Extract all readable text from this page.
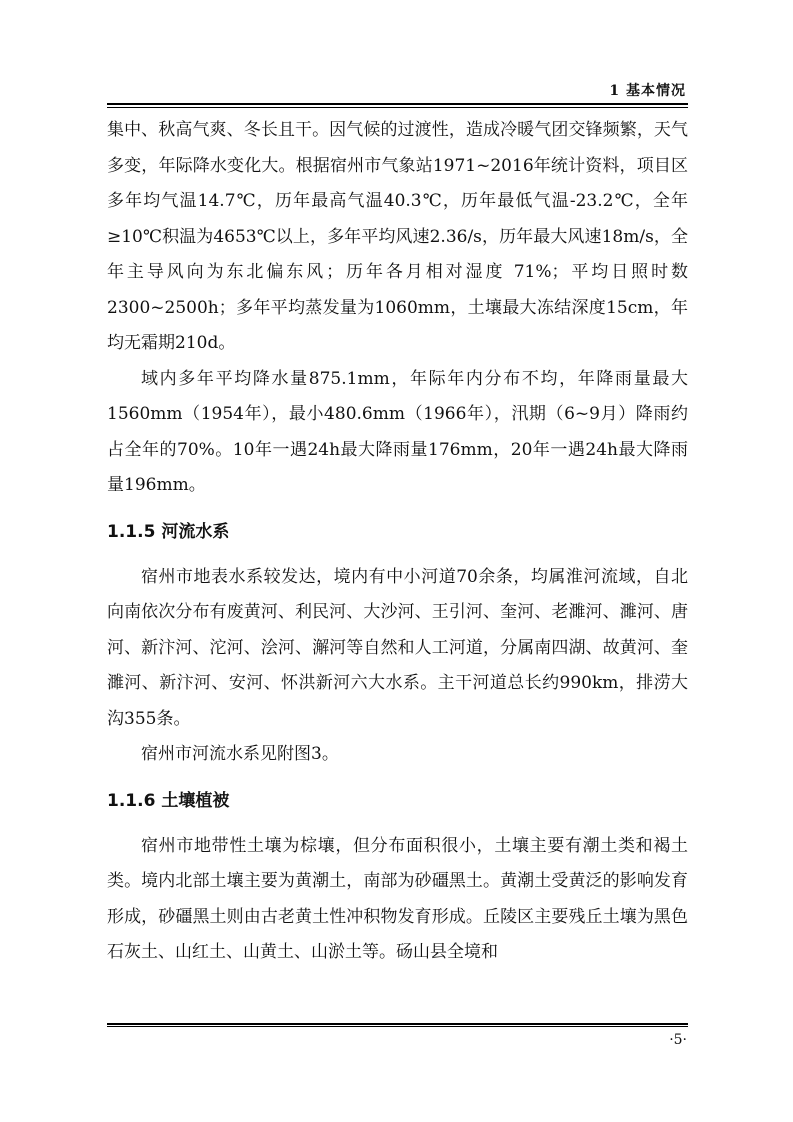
1 基本情况

集中、秋高气爽、冬长且干。因气候的过渡性，造成冷暖气团交锋频繁，天气多变，年际降水变化大。根据宿州市气象站1971~2016年统计资料，项目区多年均气温14.7℃，历年最高气温40.3℃，历年最低气温-23.2℃，全年≥10℃积温为4653℃以上，多年平均风速2.36/s，历年最大风速18m/s，全年主导风向为东北偏东风；历年各月相对湿度 71%；平均日照时数2300~2500h；多年平均蒸发量为1060mm，土壤最大冻结深度15cm，年均无霜期210d。

域内多年平均降水量875.1mm，年际年内分布不均，年降雨量最大1560mm（1954年），最小480.6mm（1966年），汛期（6~9月）降雨约占全年的70%。10年一遇24h最大降雨量176mm，20年一遇24h最大降雨量196mm。

1.1.5 河流水系

宿州市地表水系较发达，境内有中小河道70余条，均属淮河流域，自北向南依次分布有废黄河、利民河、大沙河、王引河、奎河、老濉河、濉河、唐河、新汴河、沱河、浍河、澥河等自然和人工河道，分属南四湖、故黄河、奎濉河、新汴河、安河、怀洪新河六大水系。主干河道总长约990km，排涝大沟355条。

宿州市河流水系见附图3。

1.1.6 土壤植被

宿州市地带性土壤为棕壤，但分布面积很小，土壤主要有潮土类和褐土类。境内北部土壤主要为黄潮土，南部为砂礓黑土。黄潮土受黄泛的影响发育形成，砂礓黑土则由古老黄土性冲积物发育形成。丘陵区主要残丘土壤为黑色石灰土、山红土、山黄土、山淤土等。砀山县全境和

·5·
